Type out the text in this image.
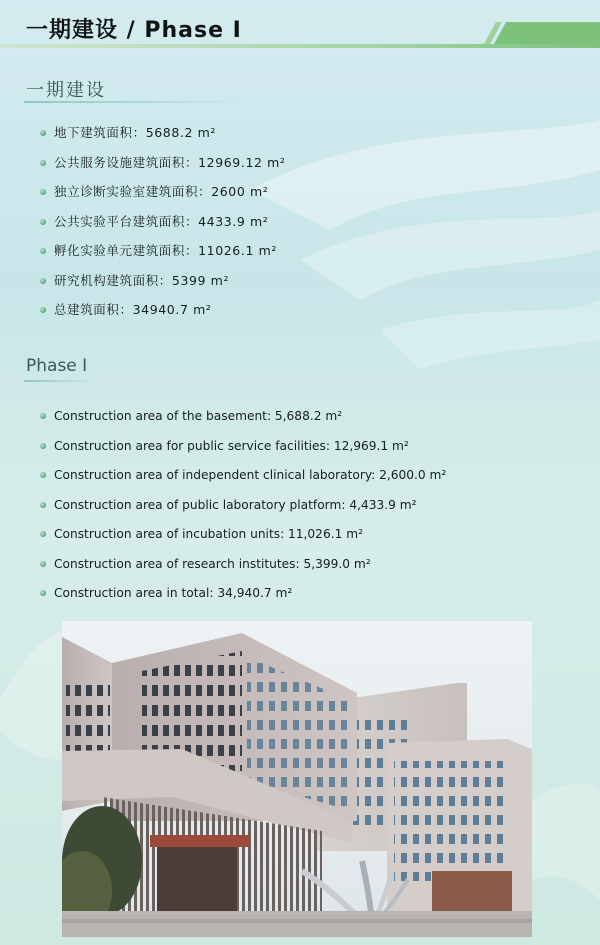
一期建设 / Phase I
一期建设
地下建筑面积：5688.2 m²
公共服务设施建筑面积：12969.12 m²
独立诊断实验室建筑面积：2600 m²
公共实验平台建筑面积：4433.9 m²
孵化实验单元建筑面积：11026.1 m²
研究机构建筑面积：5399 m²
总建筑面积：34940.7 m²
Phase I
Construction area of the basement: 5,688.2 m²
Construction area for public service facilities: 12,969.1 m²
Construction area of independent clinical laboratory: 2,600.0 m²
Construction area of public laboratory platform: 4,433.9 m²
Construction area of incubation units: 11,026.1 m²
Construction area of research institutes: 5,399.0 m²
Construction area in total: 34,940.7 m²
